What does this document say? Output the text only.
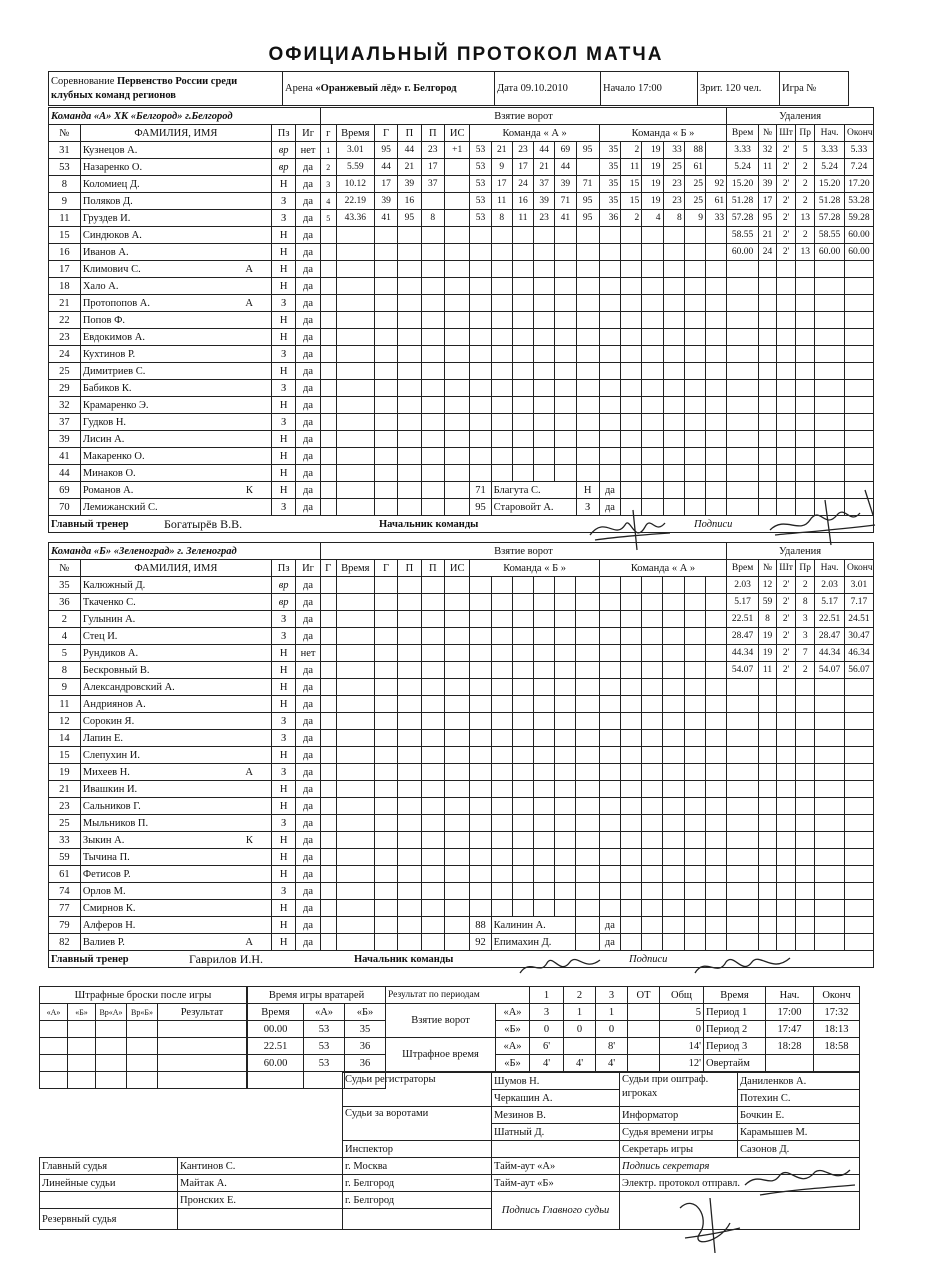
ОФИЦИАЛЬНЫЙ ПРОТОКОЛ МАТЧА
Соревнование Первенство России среди
клубных команд регионов	Арена «Оранжевый лёд» г. Белгород	Дата 09.10.2010	Начало 17:00	Зрит. 120 чел.	Игра №
Команда «А» ХК «Белгород» г.Белгород				Взятие ворот																		Удаления					
№	ФАМИЛИЯ, ИМЯ	Пз	Иг	г	Время	Г	П	П	ИС	Команда « А »						Команда « Б »						Врем	№	Шт	Пр	Нач.	Оконч
31	Кузнецов А.	вр	нет	1	3.01	95	44	23	+1	53	21	23	44	69	95	35	2	19	33	88		3.33	32	2'	5	3.33	5.33
53	Назаренко О.	вр	да	2	5.59	44	21	17		53	9	17	21	44		35	11	19	25	61		5.24	11	2'	2	5.24	7.24
8	Коломиец Д.	Н	да	3	10.12	17	39	37		53	17	24	37	39	71	35	15	19	23	25	92	15.20	39	2'	2	15.20	17.20
9	Поляков Д.	З	да	4	22.19	39	16			53	11	16	39	71	95	35	15	19	23	25	61	51.28	17	2'	2	51.28	53.28
11	Груздев И.	З	да	5	43.36	41	95	8		53	8	11	23	41	95	36	2	4	8	9	33	57.28	95	2'	13	57.28	59.28
15	Синдюков А.	Н	да																			58.55	21	2'	2	58.55	60.00
16	Иванов А.	Н	да																			60.00	24	2'	13	60.00	60.00
17	Климович С. А	Н	да																								
18	Хало А.	Н	да																								
21	Протопопов А. А	З	да																								
22	Попов Ф.	Н	да																								
23	Евдокимов А.	Н	да																								
24	Кухтинов Р.	З	да																								
25	Димитриев С.	Н	да																								
29	Бабиков К.	З	да																								
32	Крамаренко Э.	Н	да																								
37	Гудков Н.	З	да																								
39	Лисин А.	Н	да																								
41	Макаренко О.	Н	да																								
44	Минаков О.	Н	да																								
69	Романов А. К	Н	да							71	Благута С.				Н	да											
70	Лемижанский С.	З	да							95	Старовойт А.				З	да											
Главный тренер Богатырёв В.В. Начальник команды Подписи																											
Команда «Б» «Зеленоград» г. Зеленоград				Взятие ворот																		Удаления					
№	ФАМИЛИЯ, ИМЯ	Пз	Иг	Г	Время	Г	П	П	ИС	Команда « Б »						Команда « А »						Врем	№	Шт	Пр	Нач.	Оконч
35	Калюжный Д.	вр	да																			2.03	12	2'	2	2.03	3.01
36	Ткаченко С.	вр	да																			5.17	59	2'	8	5.17	7.17
2	Гулынин А.	З	да																			22.51	8	2'	3	22.51	24.51
4	Стец И.	З	да																			28.47	19	2'	3	28.47	30.47
5	Рундиков А.	Н	нет																			44.34	19	2'	7	44.34	46.34
8	Бескровный В.	Н	да																			54.07	11	2'	2	54.07	56.07
9	Александровский А.	Н	да																								
11	Андриянов А.	Н	да																								
12	Сорокин Я.	З	да																								
14	Лапин Е.	З	да																								
15	Слепухин И.	Н	да																								
19	Михеев Н. А	З	да																								
21	Ивашкин И.	Н	да																								
23	Сальников Г.	Н	да																								
25	Мыльников П.	З	да																								
33	Зыкин А. К	Н	да																								
59	Тычина П.	Н	да																								
61	Фетисов Р.	Н	да																								
74	Орлов М.	З	да																								
77	Смирнов К.	Н	да																								
79	Алферов Н.	Н	да							88	Калинин А.					да											
82	Валиев Р. А	Н	да							92	Епимахин Д.					да											
Главный тренер Гаврилов И.Н. Начальник команды Подписи																											
Штрафные броски после игры				
«А»	«Б»	Вр«А»	Вр«Б»	Результат

Время игры вратарей		
Время	«А»	«Б»
00.00	53	35
22.51	53	36
60.00	53	36

Результат по периодам		1	2	3	ОТ	Общ
Взятие ворот	«А»	3	1	1		5
	«Б»	0	0	0		0
Штрафное время	«А»	6'		8'		14'
	«Б»	4'	4'	4'		12'
Время	Нач.	Оконч
Период 1	17:00	17:32
Период 2	17:47	18:13
Период 3	18:28	18:58
Овертайм		
		Судьи регистраторы	Шумов Н.	Судьи при оштраф. игроках	Даниленков А.
			Черкашин А.		Потехин С.
		Судьи за воротами	Мезинов В.	Информатор	Бочкин Е.
			Шатный Д.	Судья времени игры	Карамышев М.
		Инспектор		Секретарь игры	Сазонов Д.
Главный судья	Кантинов С.	г. Москва	Тайм-аут «А»	Подпись секретаря	
Линейные судьи	Майтак А.	г. Белгород	Тайм-аут «Б»	Электр. протокол отправл.	
	Пронских Е.	г. Белгород	Подпись Главного судьи		
Резервный судья					
